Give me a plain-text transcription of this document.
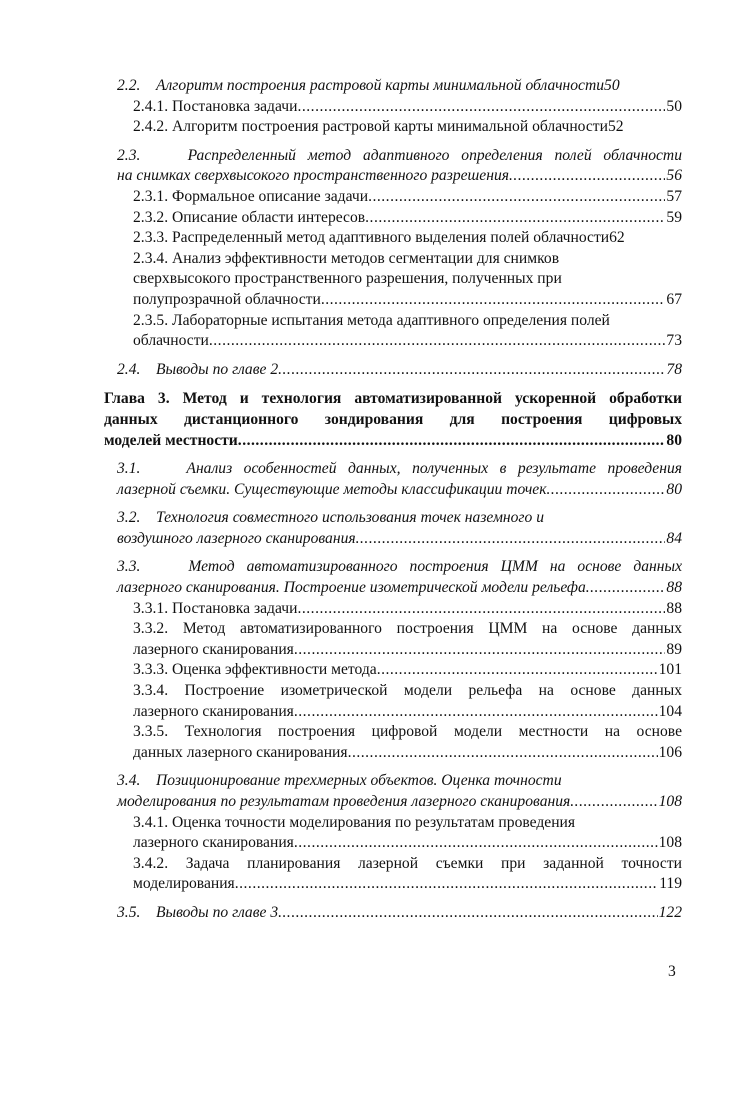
2.2. Алгоритм построения растровой карты минимальной облачности 50
2.4.1. Постановка задачи .....	50
2.4.2. Алгоритм построения растровой карты минимальной облачности 52
2.3.	Распределенный метод адаптивного определения полей облачности
на снимках сверхвысокого пространственного разрешения .....	56
2.3.1. Формальное описание задачи .....	57
2.3.2. Описание области интересов .....	59
2.3.3. Распределенный метод адаптивного выделения полей облачности 62
2.3.4. Анализ эффективности методов сегментации для снимков
сверхвысокого пространственного разрешения, полученных при
полупрозрачной облачности .....	67
2.3.5. Лабораторные испытания метода адаптивного определения полей
облачности .....	73
2.4. Выводы по главе 2 .....	78
Глава 3. Метод и технология автоматизированной ускоренной обработки
данных дистанционного зондирования для построения цифровых
моделей местности .....	80
3.1.	Анализ особенностей данных, полученных в результате проведения
лазерной съемки. Существующие методы классификации точек .....	80
3.2. Технология совместного использования точек наземного и
воздушного лазерного сканирования .....	84
3.3.	Метод автоматизированного построения ЦММ на основе данных
лазерного сканирования. Построение изометрической модели рельефа .....	88
3.3.1. Постановка задачи .....	88
3.3.2. Метод автоматизированного построения ЦММ на основе данных
лазерного сканирования .....	89
3.3.3. Оценка эффективности метода .....	101
3.3.4. Построение изометрической модели рельефа на основе данных
лазерного сканирования .....	104
3.3.5. Технология построения цифровой модели местности на основе
данных лазерного сканирования .....	106
3.4. Позиционирование трехмерных объектов. Оценка точности
моделирования по результатам проведения лазерного сканирования .....	108
3.4.1. Оценка точности моделирования по результатам проведения
лазерного сканирования .....	108
3.4.2. Задача планирования лазерной съемки при заданной точности
моделирования .....	119
3.5. Выводы по главе 3 .....	122
3
